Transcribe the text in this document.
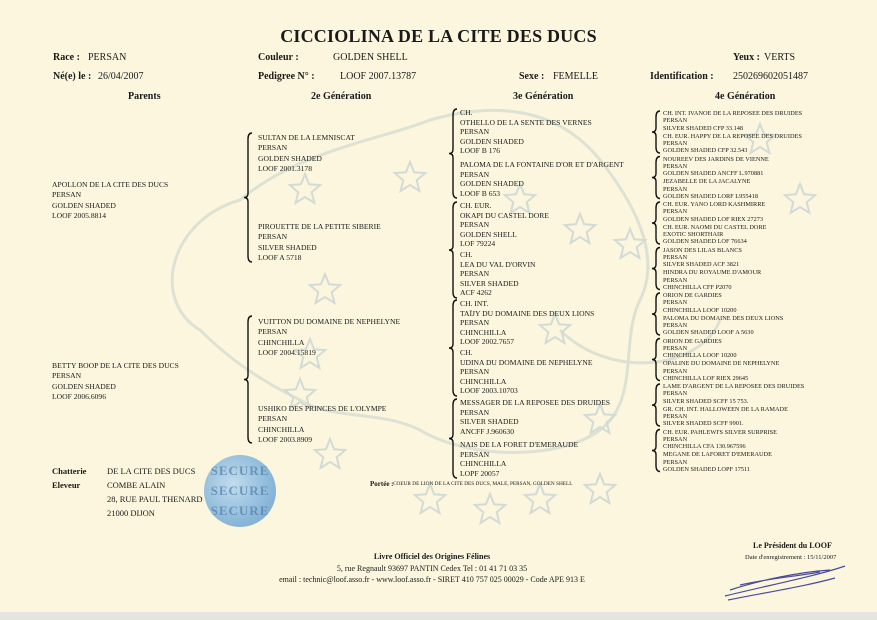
CICCIOLINA DE LA CITE DES DUCS
Race : PERSAN	Couleur :	GOLDEN SHELL	Yeux : VERTS
Né(e) le : 26/04/2007	Pedigree N° :	LOOF 2007.13787	Sexe : FEMELLE	Identification : 250269602051487
Parents	2e Génération	3e Génération	4e Génération
APOLLON DE LA CITE DES DUCS
PERSAN
GOLDEN SHADED
LOOF 2005.8814
BETTY BOOP DE LA CITE DES DUCS
PERSAN
GOLDEN SHADED
LOOF 2006.6096
SULTAN DE LA LEMNISCAT
PERSAN
GOLDEN SHADED
LOOF 2001.3178
PIROUETTE DE LA PETITE SIBERIE
PERSAN
SILVER SHADED
LOOF A 5718
VUITTON DU DOMAINE DE NEPHELYNE
PERSAN
CHINCHILLA
LOOF 2004.15819
USHIKO DES PRINCES DE L'OLYMPE
PERSAN
CHINCHILLA
LOOF 2003.8909
CH.
OTHELLO DE LA SENTE DES VERNES
PERSAN
GOLDEN SHADED
LOOF B 176
PALOMA DE LA FONTAINE D'OR ET D'ARGENT
PERSAN
GOLDEN SHADED
LOOF B 653
CH. EUR.
OKAPI DU CASTEL DORE
PERSAN
GOLDEN SHELL
LOF 79224
CH.
LEA DU VAL D'ORVIN
PERSAN
SILVER SHADED
ACF 4262
CH. INT.
TAÏJY DU DOMAINE DES DEUX LIONS
PERSAN
CHINCHILLA
LOOF 2002.7657
CH.
UDINA DU DOMAINE DE NEPHELYNE
PERSAN
CHINCHILLA
LOOF 2003.10703
MESSAGER DE LA REPOSEE DES DRUIDES
PERSAN
SILVER SHADED
ANCFF J.960630
NAIS DE LA FORET D'EMERAUDE
PERSAN
CHINCHILLA
LOPF 20057
CH. INT. IVANOE DE LA REPOSEE DES DRUIDES
PERSAN
SILVER SHADED CFP 33.148
CH. EUR. HAPPY DE LA REPOSEE DES DRUIDES
PERSAN
GOLDEN SHADED CFP 32.543
NOUREEV DES JARDINS DE VIENNE
PERSAN
GOLDEN SHADED ANCFF L.970881
JEZABELLE DE LA JACALYNE
PERSAN
GOLDEN SHADED LORF L955418
CH. EUR. YANO LORD KASHMIRRE
PERSAN
GOLDEN SHADED LOF RIEX 27273
CH. EUR. NAOMI DU CASTEL DORE
EXOTIC SHORTHAIR
GOLDEN SHADED LOF 76634
JASON DES LILAS BLANCS
PERSAN
SILVER SHADED ACF 3821
HINDRA DU ROYAUME D'AMOUR
PERSAN
CHINCHILLA CFF P2070
ORION DE GARDIES
PERSAN
CHINCHILLA LOOF 10200
PALOMA DU DOMAINE DES DEUX LIONS
PERSAN
GOLDEN SHADED LOOF A 5630
ORION DE GARDIES
PERSAN
CHINCHILLA LOOF 10200
OPALINE DU DOMAINE DE NEPHELYNE
PERSAN
CHINCHILLA LOF RIEX 29645
LAME D'ARGENT DE LA REPOSEE DES DRUIDES
PERSAN
SILVER SHADED SCFF 15 753.
GR. CH. INT. HALLOWEEN DE LA RAMADE
PERSAN
SILVER SHADED SCFF 9901.
CH. EUR. PAHLEWI'S SILVER SURPRISE
PERSAN
CHINCHILLA CFA 130.967596
MEGANE DE LAFORET D'EMERAUDE
PERSAN
GOLDEN SHADED LOPF 17511
Chatterie DE LA CITE DES DUCS
Eleveur	COMBE ALAIN
28, RUE PAUL THENARD
21000 DIJON
SECURE
SECURE
SECURE
Portée : COEUR DE LION DE LA CITE DES DUCS, MALE, PERSAN, GOLDEN SHELL
Livre Officiel des Origines Félines
5, rue Regnault 93697 PANTIN Cedex Tel : 01 41 71 03 35
email : technic@loof.asso.fr - www.loof.asso.fr - SIRET 410 757 025 00029 - Code APE 913 E
Le Président du LOOF
Date d'enregistrement : 15/11/2007
